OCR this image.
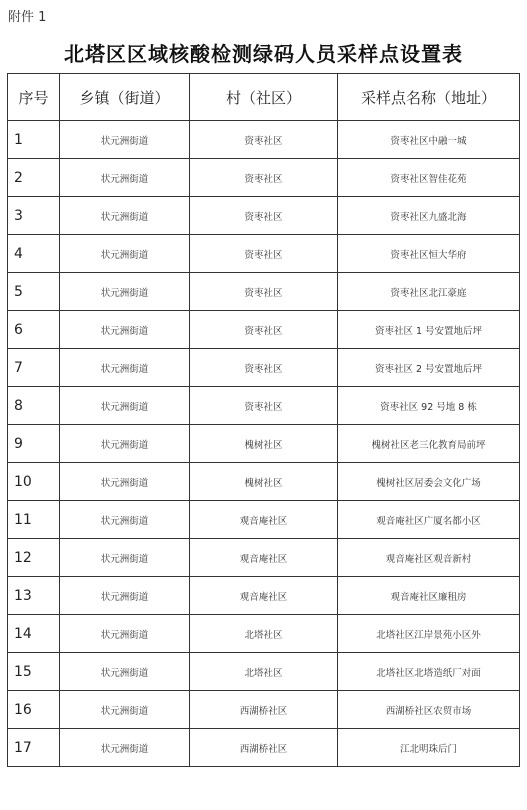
附件 1
北塔区区域核酸检测绿码人员采样点设置表
序号	乡镇（街道）	村（社区）	采样点名称（地址）
1	状元洲街道	资枣社区	资枣社区中融一城
2	状元洲街道	资枣社区	资枣社区智佳花苑
3	状元洲街道	资枣社区	资枣社区九盛北海
4	状元洲街道	资枣社区	资枣社区恒大华府
5	状元洲街道	资枣社区	资枣社区北江豪庭
6	状元洲街道	资枣社区	资枣社区 1 号安置地后坪
7	状元洲街道	资枣社区	资枣社区 2 号安置地后坪
8	状元洲街道	资枣社区	资枣社区 92 号地 8 栋
9	状元洲街道	槐树社区	槐树社区老三化教育局前坪
10	状元洲街道	槐树社区	槐树社区居委会文化广场
11	状元洲街道	观音庵社区	观音庵社区广厦名都小区
12	状元洲街道	观音庵社区	观音庵社区观音新村
13	状元洲街道	观音庵社区	观音庵社区廉租房
14	状元洲街道	北塔社区	北塔社区江岸景苑小区外
15	状元洲街道	北塔社区	北塔社区北塔造纸厂对面
16	状元洲街道	西湖桥社区	西湖桥社区农贸市场
17	状元洲街道	西湖桥社区	江北明珠后门
